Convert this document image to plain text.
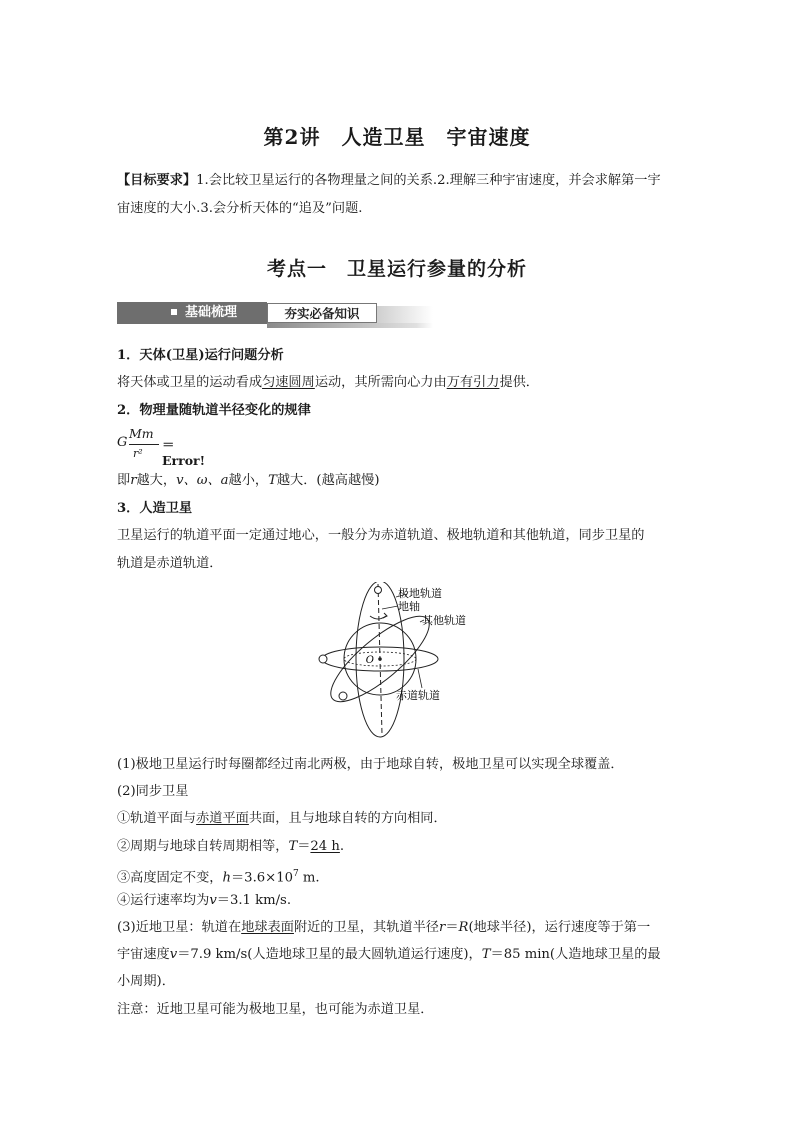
第2讲　人造卫星　宇宙速度
【目标要求】1.会比较卫星运行的各物理量之间的关系.2.理解三种宇宙速度，并会求解第一宇
宙速度的大小.3.会分析天体的“追及”问题.
考点一　卫星运行参量的分析
基础梳理	夯实必备知识
1．天体(卫星)运行问题分析
将天体或卫星的运动看成匀速圆周运动，其所需向心力由万有引力提供．
2．物理量随轨道半径变化的规律
G
Mm
r²
＝Error!
即r越大，v、ω、a越小，T越大．(越高越慢)
3．人造卫星
卫星运行的轨道平面一定通过地心，一般分为赤道轨道、极地轨道和其他轨道，同步卫星的
轨道是赤道轨道．
O
极地轨道
地轴
其他轨道
赤道轨道
(1)极地卫星运行时每圈都经过南北两极，由于地球自转，极地卫星可以实现全球覆盖．
(2)同步卫星
①轨道平面与赤道平面共面，且与地球自转的方向相同．
②周期与地球自转周期相等，T＝24 h.
③高度固定不变，$h=3.6\times 10^7$ m.
④运行速率均为v＝3.1 km/s.
(3)近地卫星：轨道在地球表面附近的卫星，其轨道半径r＝R(地球半径)，运行速度等于第一
宇宙速度v＝7.9 km/s(人造地球卫星的最大圆轨道运行速度)，T＝85 min(人造地球卫星的最
小周期)．
注意：近地卫星可能为极地卫星，也可能为赤道卫星．
